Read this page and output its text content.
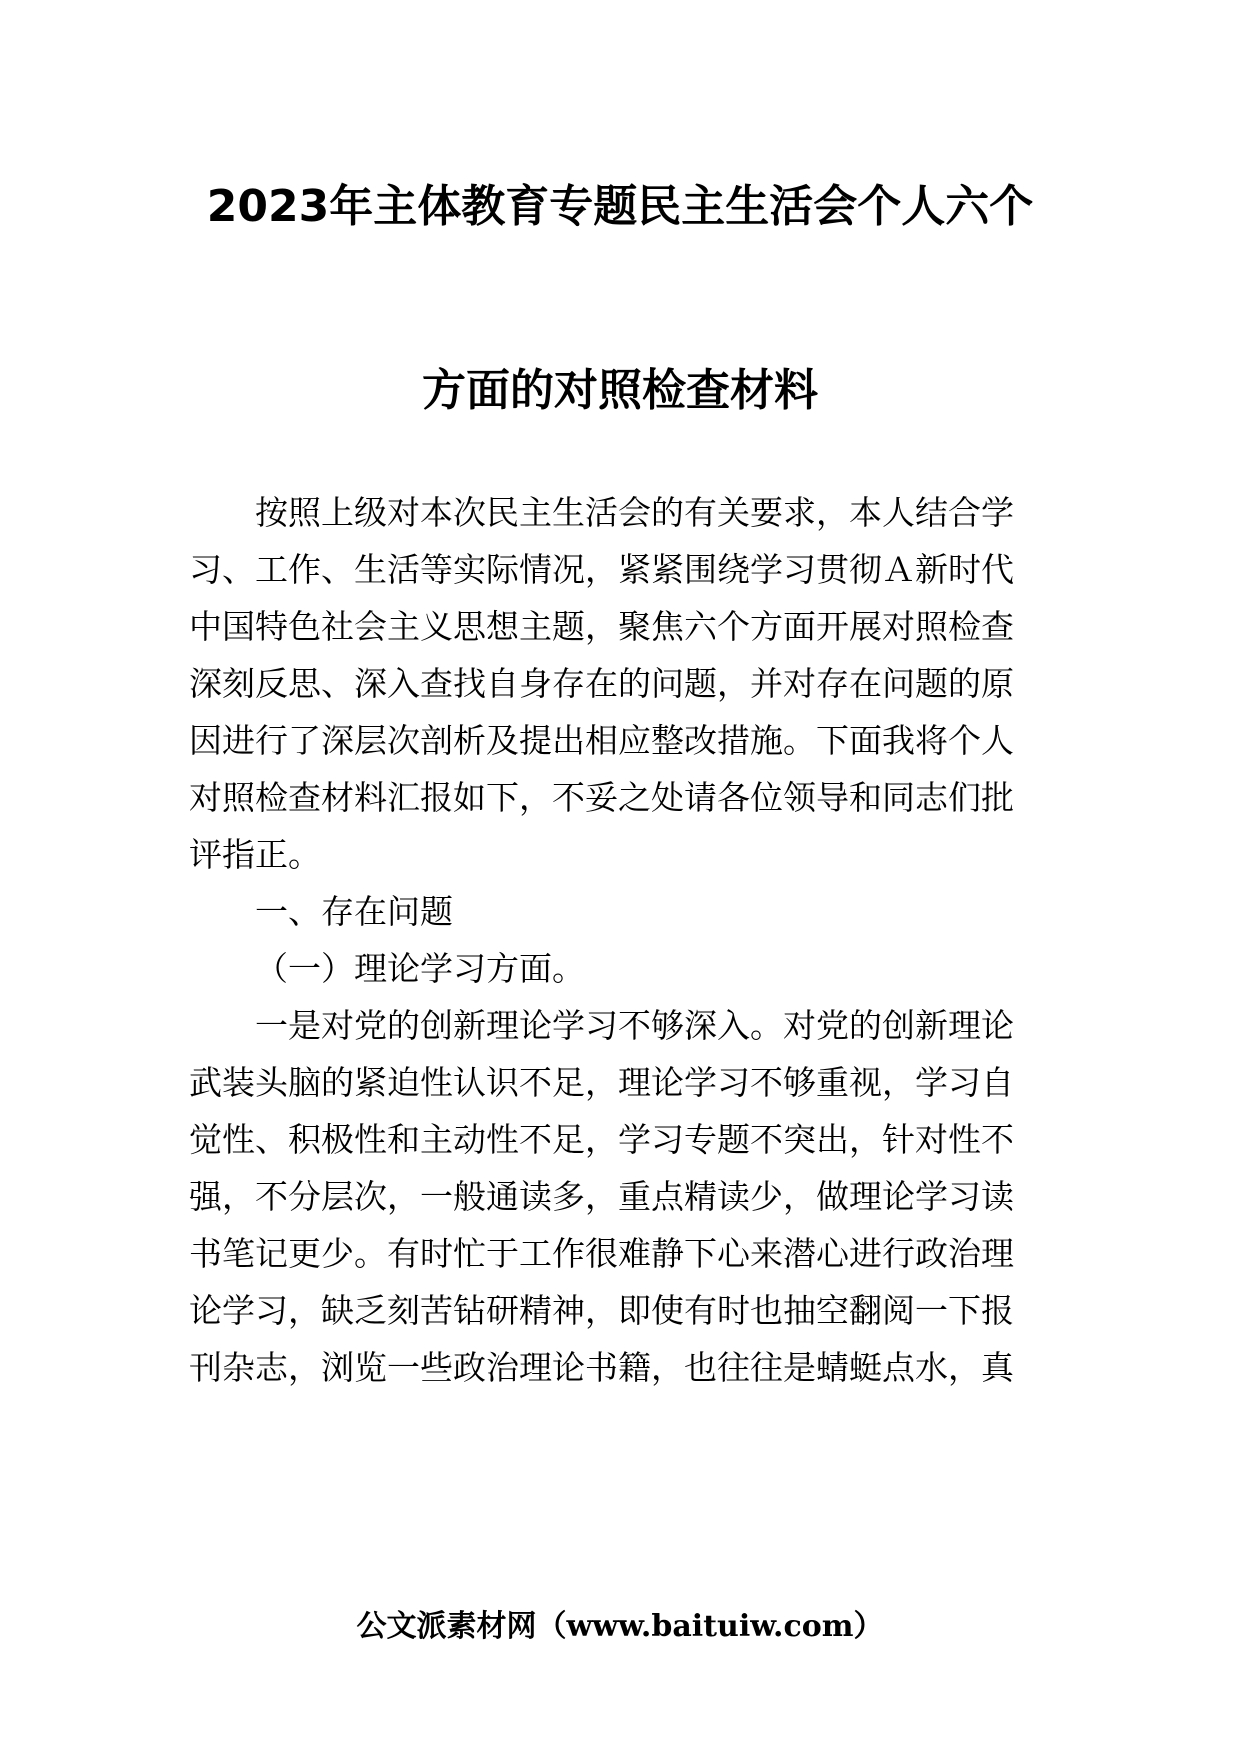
2023年主体教育专题民主生活会个人六个
方面的对照检查材料
按照上级对本次民主生活会的有关要求，本人结合学
习、工作、生活等实际情况，紧紧围绕学习贯彻Ａ新时代
中国特色社会主义思想主题，聚焦六个方面开展对照检查
深刻反思、深入查找自身存在的问题，并对存在问题的原
因进行了深层次剖析及提出相应整改措施。下面我将个人
对照检查材料汇报如下，不妥之处请各位领导和同志们批
评指正。
一、存在问题
（一）理论学习方面。
一是对党的创新理论学习不够深入。对党的创新理论
武装头脑的紧迫性认识不足，理论学习不够重视，学习自
觉性、积极性和主动性不足，学习专题不突出，针对性不
强，不分层次，一般通读多，重点精读少，做理论学习读
书笔记更少。有时忙于工作很难静下心来潜心进行政治理
论学习，缺乏刻苦钻研精神，即使有时也抽空翻阅一下报
刊杂志，浏览一些政治理论书籍，也往往是蜻蜓点水，真
公文派素材网（www.baituiw.com）
